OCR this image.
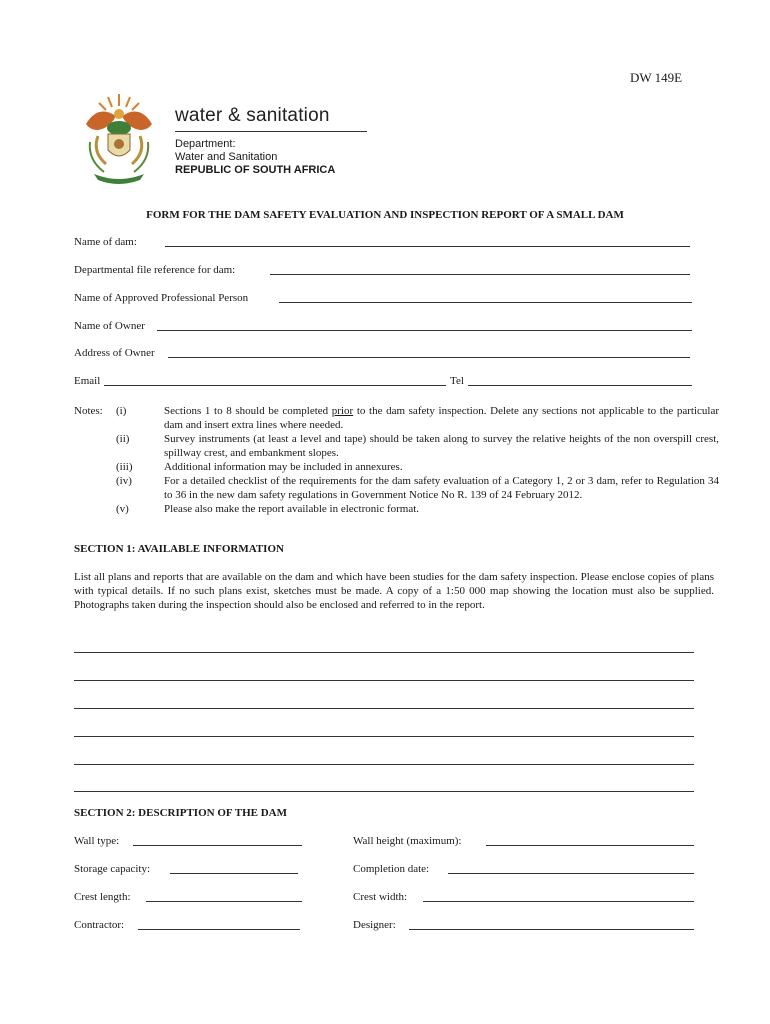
DW 149E
water & sanitation
Department:
Water and Sanitation
REPUBLIC OF SOUTH AFRICA
FORM FOR THE DAM SAFETY EVALUATION AND INSPECTION REPORT OF A SMALL DAM
Name of dam:
Departmental file reference for dam:
Name of Approved Professional Person
Name of Owner
Address of Owner
Email	Tel
Notes:	(i)	Sections 1 to 8 should be completed prior to the dam safety inspection. Delete any sections not applicable to the particular dam and insert extra lines where needed.
	(ii)	Survey instruments (at least a level and tape) should be taken along to survey the relative heights of the non overspill crest, spillway crest, and embankment slopes.
	(iii)	Additional information may be included in annexures.
	(iv)	For a detailed checklist of the requirements for the dam safety evaluation of a Category 1, 2 or 3 dam, refer to Regulation 34 to 36 in the new dam safety regulations in Government Notice No R. 139 of 24 February 2012.
	(v)	Please also make the report available in electronic format.
SECTION 1: AVAILABLE INFORMATION
List all plans and reports that are available on the dam and which have been studies for the dam safety inspection. Please enclose copies of plans with typical details. If no such plans exist, sketches must be made. A copy of a 1:50 000 map showing the location must also be supplied. Photographs taken during the inspection should also be enclosed and referred to in the report.
SECTION 2: DESCRIPTION OF THE DAM
Wall type:	Wall height (maximum):
Storage capacity:	Completion date:
Crest length:	Crest width:
Contractor:	Designer:
